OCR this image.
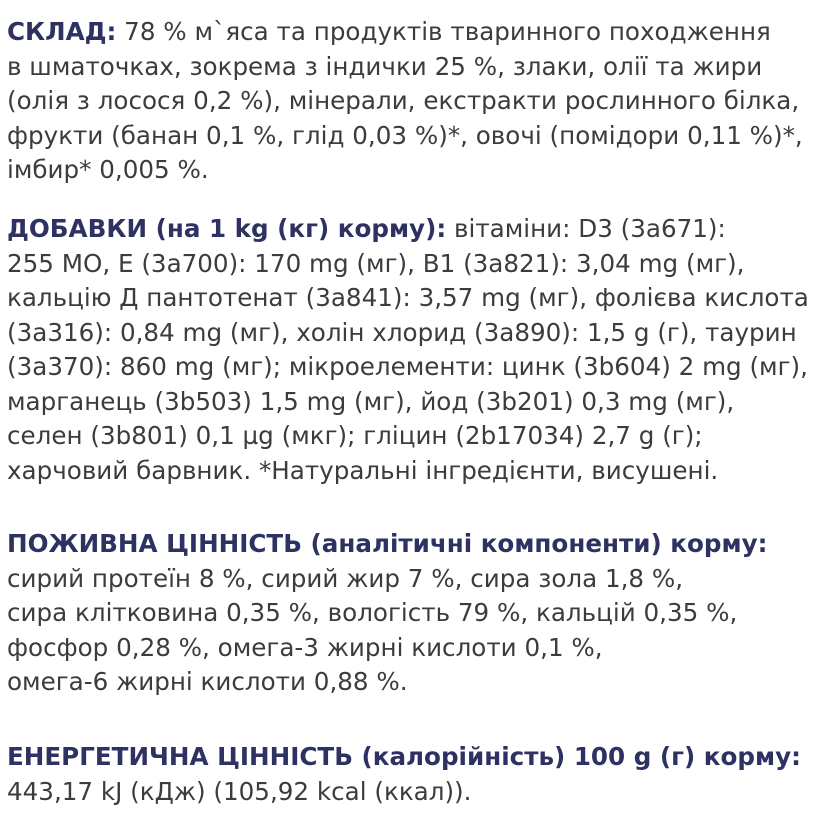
СКЛАД: 78 % м`яса та продуктів тваринного походження
в шматочках, зокрема з індички 25 %, злаки, олії та жири
(олія з лосося 0,2 %), мінерали, екстракти рослинного білка,
фрукти (банан 0,1 %, глід 0,03 %)*, овочі (помідори 0,11 %)*,
імбир* 0,005 %.
ДОБАВКИ (на 1 kg (кг) корму): вітаміни: D3 (3a671):
255 МО, E (3a700): 170 mg (мг), B1 (3a821): 3,04 mg (мг),
кальцію Д пантотенат (3a841): 3,57 mg (мг), фолієва кислота
(3a316): 0,84 mg (мг), холін хлорид (3a890): 1,5 g (г), таурин
(3a370): 860 mg (мг); мікроелементи: цинк (3b604) 2 mg (мг),
марганець (3b503) 1,5 mg (мг), йод (3b201) 0,3 mg (мг),
селен (3b801) 0,1 µg (мкг); гліцин (2b17034) 2,7 g (г);
харчовий барвник. *Натуральні інгредієнти, висушені.
ПОЖИВНА ЦІННІСТЬ (аналітичні компоненти) корму:
сирий протеїн 8 %, сирий жир 7 %, сира зола 1,8 %,
сира клітковина 0,35 %, вологість 79 %, кальцій 0,35 %,
фосфор 0,28 %, омега-3 жирні кислоти 0,1 %,
омега-6 жирні кислоти 0,88 %.
ЕНЕРГЕТИЧНА ЦІННІСТЬ (калорійність) 100 g (г) корму:
443,17 kJ (кДж) (105,92 kcal (ккал)).
